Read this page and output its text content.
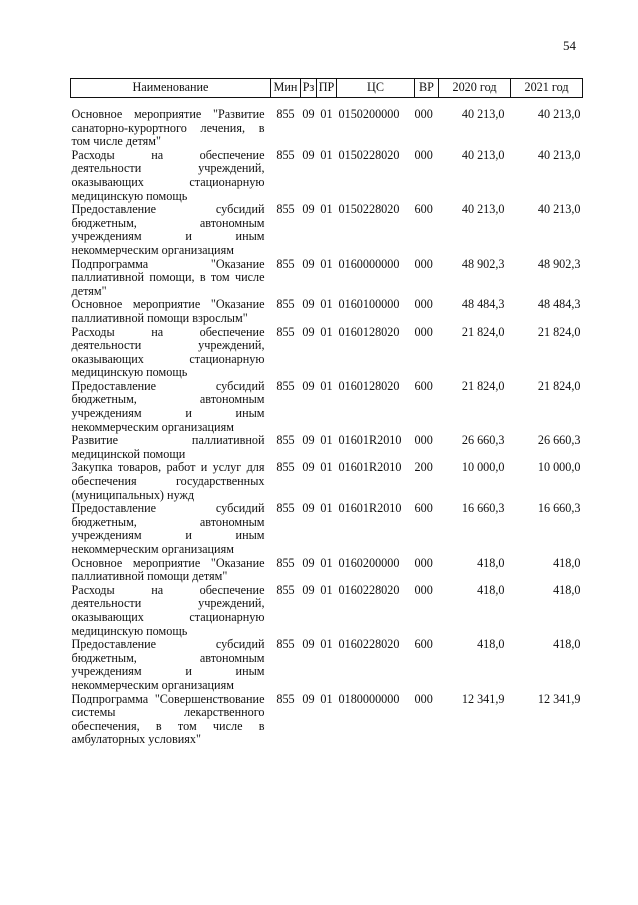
54
Наименование	Мин	Рз	ПР	ЦС	ВР	2020 год	2021 год
Основное мероприятие "Развитие санаторно-курортного лечения, в том числе детям"	855	09	01	0150200000	000	40 213,0	40 213,0
Расходы на обеспечение деятельности учреждений, оказывающих стационарную медицинскую помощь	855	09	01	0150228020	000	40 213,0	40 213,0
Предоставление субсидий бюджетным, автономным учреждениям и иным некоммерческим организациям	855	09	01	0150228020	600	40 213,0	40 213,0
Подпрограмма "Оказание паллиативной помощи, в том числе детям"	855	09	01	0160000000	000	48 902,3	48 902,3
Основное мероприятие "Оказание паллиативной помощи взрослым"	855	09	01	0160100000	000	48 484,3	48 484,3
Расходы на обеспечение деятельности учреждений, оказывающих стационарную медицинскую помощь	855	09	01	0160128020	000	21 824,0	21 824,0
Предоставление субсидий бюджетным, автономным учреждениям и иным некоммерческим организациям	855	09	01	0160128020	600	21 824,0	21 824,0
Развитие паллиативной медицинской помощи	855	09	01	01601R2010	000	26 660,3	26 660,3
Закупка товаров, работ и услуг для обеспечения государственных (муниципальных) нужд	855	09	01	01601R2010	200	10 000,0	10 000,0
Предоставление субсидий бюджетным, автономным учреждениям и иным некоммерческим организациям	855	09	01	01601R2010	600	16 660,3	16 660,3
Основное мероприятие "Оказание паллиативной помощи детям"	855	09	01	0160200000	000	418,0	418,0
Расходы на обеспечение деятельности учреждений, оказывающих стационарную медицинскую помощь	855	09	01	0160228020	000	418,0	418,0
Предоставление субсидий бюджетным, автономным учреждениям и иным некоммерческим организациям	855	09	01	0160228020	600	418,0	418,0
Подпрограмма "Совершенствование системы лекарственного обеспечения, в том числе в амбулаторных условиях"	855	09	01	0180000000	000	12 341,9	12 341,9
